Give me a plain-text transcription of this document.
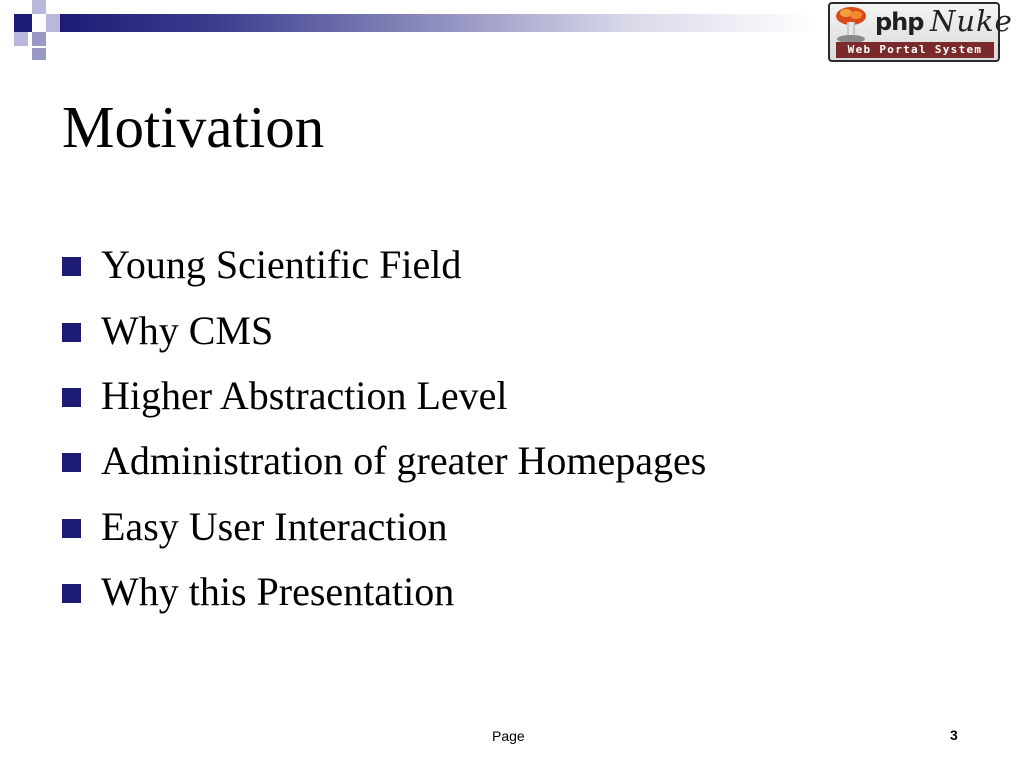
php Nuke
Web Portal System
Motivation
Young Scientific Field
Why CMS
Higher Abstraction Level
Administration of greater Homepages
Easy User Interaction
Why this Presentation
Page	3
